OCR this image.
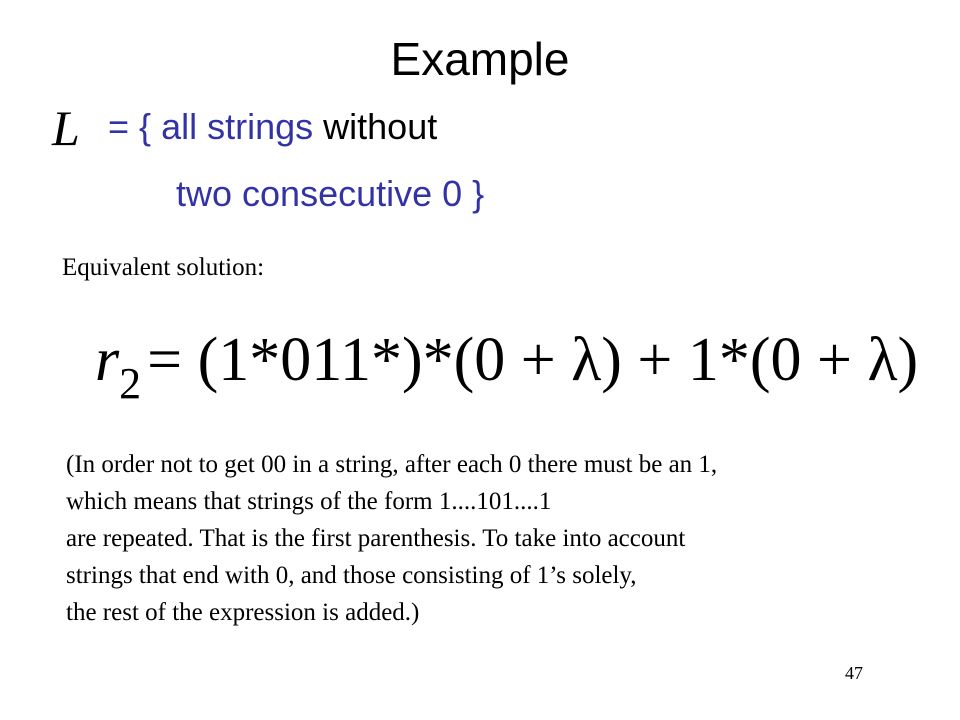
Example
L = { all strings without
two consecutive 0 }
Equivalent solution:
$r_2= (1*011*)*(0 + \lambda) + 1*(0 + \lambda)$
(In order not to get 00 in a string, after each 0 there must be an 1,
which means that strings of the form 1....101....1
are repeated. That is the first parenthesis. To take into account
strings that end with 0, and those consisting of 1’s solely,
the rest of the expression is added.)
47
